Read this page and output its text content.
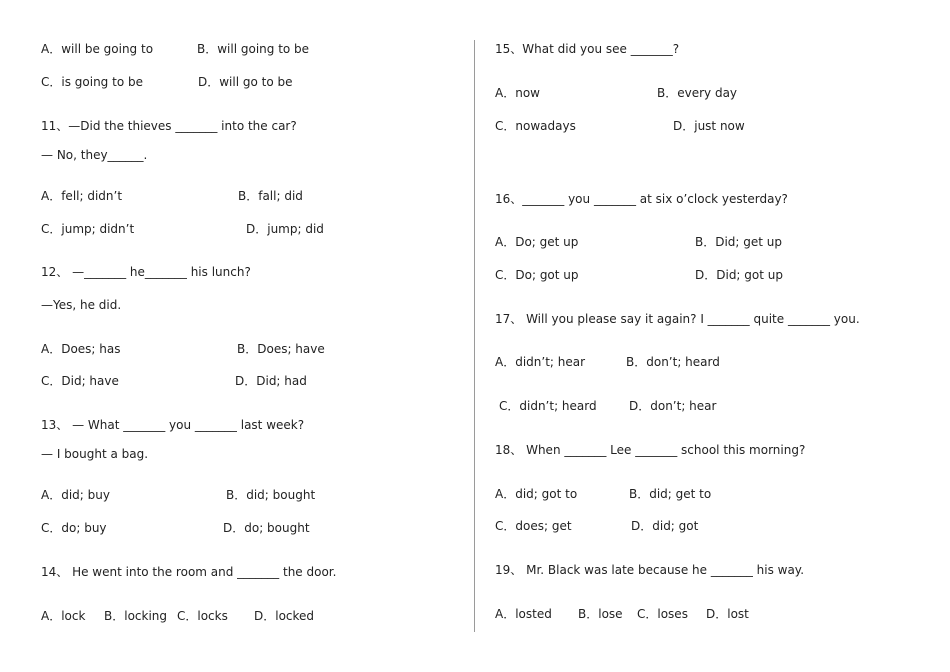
A．will be going to	B．will going to be
C．is going to be	D．will go to be
11、—Did the thieves _______ into the car?
— No, they______.
A．fell; didn’t	B．fall; did
C．jump; didn’t	D．jump; did
12、 —_______ he_______ his lunch?
—Yes, he did.
A．Does; has	B．Does; have
C．Did; have	D．Did; had
13、 — What _______ you _______ last week?
— I bought a bag.
A．did; buy	B．did; bought
C．do; buy	D．do; bought
14、 He went into the room and _______ the door.
A．lock B．locking C．locks D．locked
15、What did you see _______?
A．now	B．every day
C．nowadays	D．just now
16、_______ you _______ at six o’clock yesterday?
A．Do; get up	B．Did; get up
C．Do; got up	D．Did; got up
17、 Will you please say it again? I _______ quite _______ you.
A．didn’t; hear	B．don’t; heard
C．didn’t; heard	D．don’t; hear
18、 When _______ Lee _______ school this morning?
A．did; got to	B．did; get to
C．does; get	D．did; got
19、 Mr. Black was late because he _______ his way.
A．losted B．lose C．loses D．lost
